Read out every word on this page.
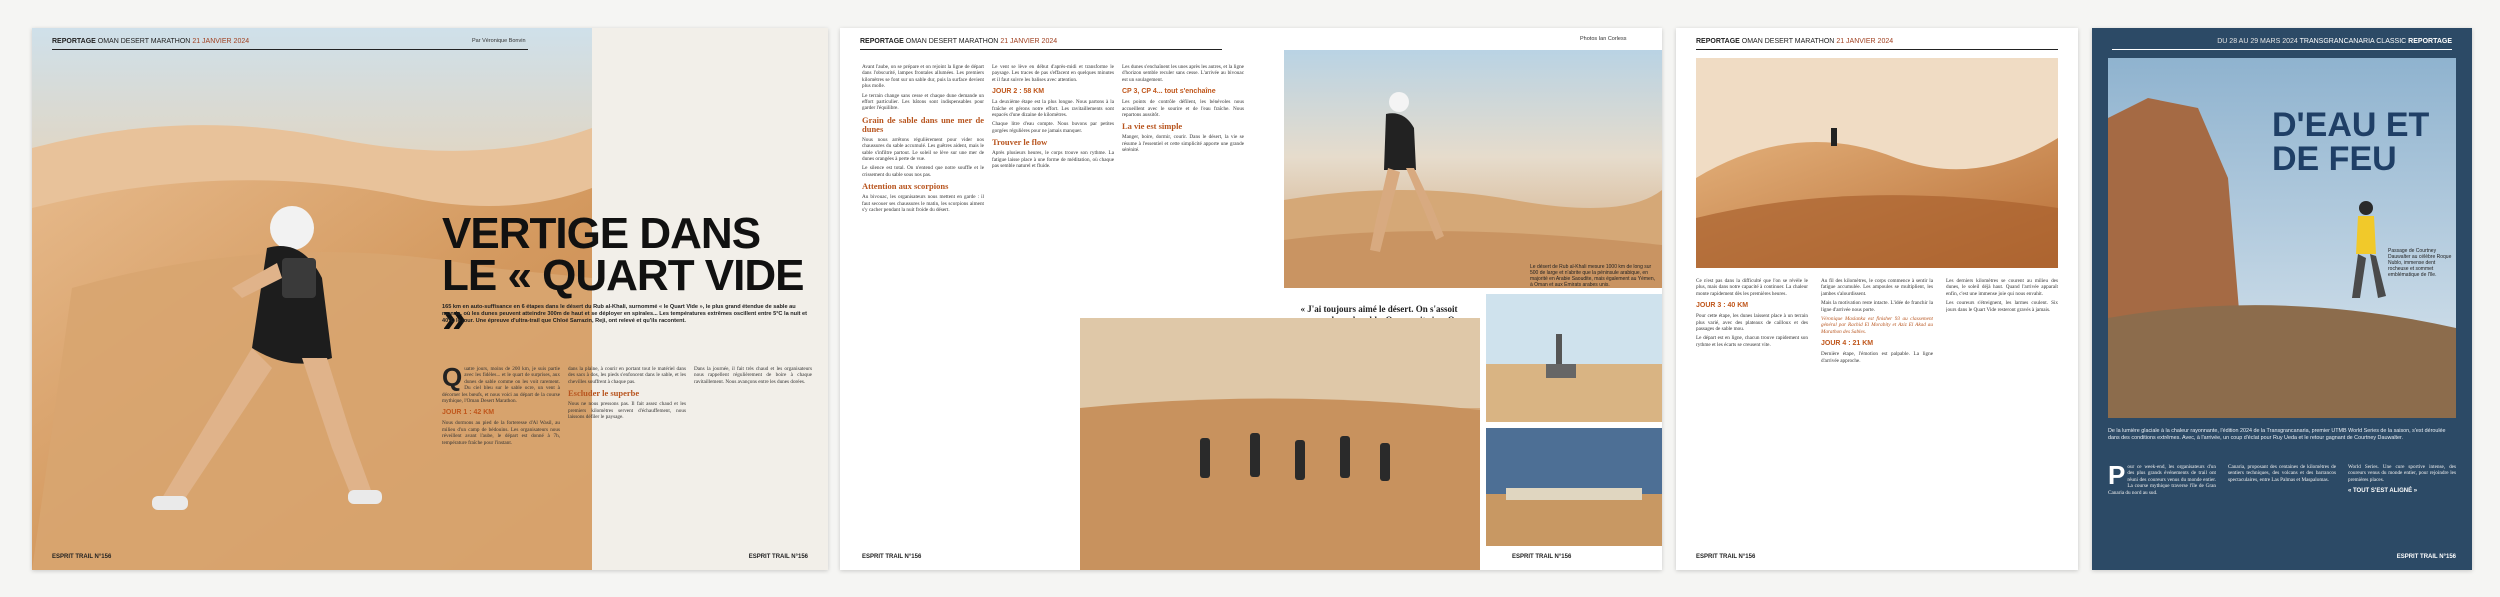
REPORTAGE OMAN DESERT MARATHON 21 JANVIER 2024	Par Véronique Bonvin
VERTIGE DANS
LE « QUART VIDE »
165 km en auto-suffisance en 6 étapes dans le désert du Rub al-Khali, surnommé « le Quart Vide », le plus grand étendue de sable au monde, où les dunes peuvent atteindre 300m de haut et se déployer en spirales... Les températures extrêmes oscillent entre 5°C la nuit et 40°C le jour. Une épreuve d'ultra-trail que Chloé Sarrazin, Reji, ont relevé et qu'ils racontent.

Quatre jours, moins de 200 km, je suis partie avec les fidèles... et le quart de surprises, aux dunes de sable comme on les voit rarement. Du ciel bleu sur le sable ocre, un vent à décorner les bœufs, et nous voici au départ de la course mythique, l'Oman Desert Marathon.

JOUR 1 : 42 KM

Nous dormons au pied de la forteresse d'Al Wasil, au milieu d'un camp de bédouins. Les organisateurs nous réveillent avant l'aube, le départ est donné à 7h, température fraîche pour l'instant.

dans la plaine, à courir en portant tout le matériel dans des sacs à dos, les pieds s'enfoncent dans le sable, et les chevilles souffrent à chaque pas.

Escluder le superbe

Nous ne nous pressons pas. Il fait assez chaud et les premiers kilomètres servent d'échauffement, nous laissons défiler le paysage.

Dans la journée, il fait très chaud et les organisateurs nous rappellent régulièrement de boire à chaque ravitaillement. Nous avançons entre les dunes dorées.

ESPRIT TRAIL N°156	ESPRIT TRAIL N°156
REPORTAGE OMAN DESERT MARATHON 21 JANVIER 2024	Photos Ian Corless

Avant l'aube, on se prépare et on rejoint la ligne de départ dans l'obscurité, lampes frontales allumées. Les premiers kilomètres se font sur un sable dur, puis la surface devient plus molle.

Le terrain change sans cesse et chaque dune demande un effort particulier. Les bâtons sont indispensables pour garder l'équilibre.

Grain de sable dans une mer de dunes

Nous nous arrêtons régulièrement pour vider nos chaussures du sable accumulé. Les guêtres aident, mais le sable s'infiltre partout. Le soleil se lève sur une mer de dunes orangées à perte de vue.

Le silence est total. On n'entend que notre souffle et le crissement du sable sous nos pas.

Attention aux scorpions

Au bivouac, les organisateurs nous mettent en garde : il faut secouer ses chaussures le matin, les scorpions aiment s'y cacher pendant la nuit froide du désert.

Le vent se lève en début d'après-midi et transforme le paysage. Les traces de pas s'effacent en quelques minutes et il faut suivre les balises avec attention.

JOUR 2 : 58 KM

La deuxième étape est la plus longue. Nous partons à la fraîche et gérons notre effort. Les ravitaillements sont espacés d'une dizaine de kilomètres.

Chaque litre d'eau compte. Nous buvons par petites gorgées régulières pour ne jamais manquer.

Trouver le flow

Après plusieurs heures, le corps trouve son rythme. La fatigue laisse place à une forme de méditation, où chaque pas semble naturel et fluide.

Les dunes s'enchaînent les unes après les autres, et la ligne d'horizon semble reculer sans cesse. L'arrivée au bivouac est un soulagement.

CP 3, CP 4... tout s'enchaîne

Les points de contrôle défilent, les bénévoles nous accueillent avec le sourire et de l'eau fraîche. Nous repartons aussitôt.

La vie est simple

Manger, boire, dormir, courir. Dans le désert, la vie se résume à l'essentiel et cette simplicité apporte une grande sérénité.

Le désert de Rub al-Khali mesure 1000 km de long sur 500 de large et n'abrite que la péninsule arabique, en majorité en Arabie Saoudite, mais également au Yémen, à Oman et aux Émirats arabes unis.
« J'ai toujours aimé le désert. On s'assoit
ESPRIT TRAIL N°156	ESPRIT TRAIL N°156
REPORTAGE OMAN DESERT MARATHON 21 JANVIER 2024

Ce n'est pas dans la difficulté que l'on se révèle le plus, mais dans notre capacité à continuer. La chaleur monte rapidement dès les premières heures.

JOUR 3 : 40 KM

Pour cette étape, les dunes laissent place à un terrain plus varié, avec des plateaux de cailloux et des passages de sable mou.

Le départ est en ligne, chacun trouve rapidement son rythme et les écarts se creusent vite.

Au fil des kilomètres, le corps commence à sentir la fatigue accumulée. Les ampoules se multiplient, les jambes s'alourdissent.

Mais la motivation reste intacte. L'idée de franchir la ligne d'arrivée nous porte.

Véronique Maslanka est finisher 93 au classement général par Rachid El Morabity et Aziz El Akad au Marathon des Sables.

JOUR 4 : 21 KM

Dernière étape, l'émotion est palpable. La ligne d'arrivée approche.

Les derniers kilomètres se courent au milieu des dunes, le soleil déjà haut. Quand l'arrivée apparaît enfin, c'est une immense joie qui nous envahit.

Les coureurs s'étreignent, les larmes coulent. Six jours dans le Quart Vide resteront gravés à jamais.

ESPRIT TRAIL N°156
DU 28 AU 29 MARS 2024 TRANSGRANCANARIA CLASSIC REPORTAGE
D'EAU ET
DE FEU
Passage de Courtney Dauwalter au célèbre Roque Nublo, immense dent rocheuse et sommet emblématique de l'île.
De la lumière glaciale à la chaleur rayonnante, l'édition 2024 de la Transgrancanaria, premier UTMB World Series de la saison, s'est déroulée dans des conditions extrêmes. Avec, à l'arrivée, un coup d'éclat pour Ruy Ueda et le retour gagnant de Courtney Dauwalter.

Pour ce week-end, les organisateurs d'un des plus grands événements de trail ont réuni des coureurs venus du monde entier. La course mythique traverse l'île de Gran Canaria du nord au sud.

Canaria, proposant des centaines de kilomètres de sentiers techniques, des volcans et des barrancos spectaculaires, entre Las Palmas et Maspalomas.

World Series. Une cure sportive intense, des coureurs venus du monde entier, pour rejoindre les premières places.

« TOUT S'EST ALIGNÉ »
ESPRIT TRAIL N°156
